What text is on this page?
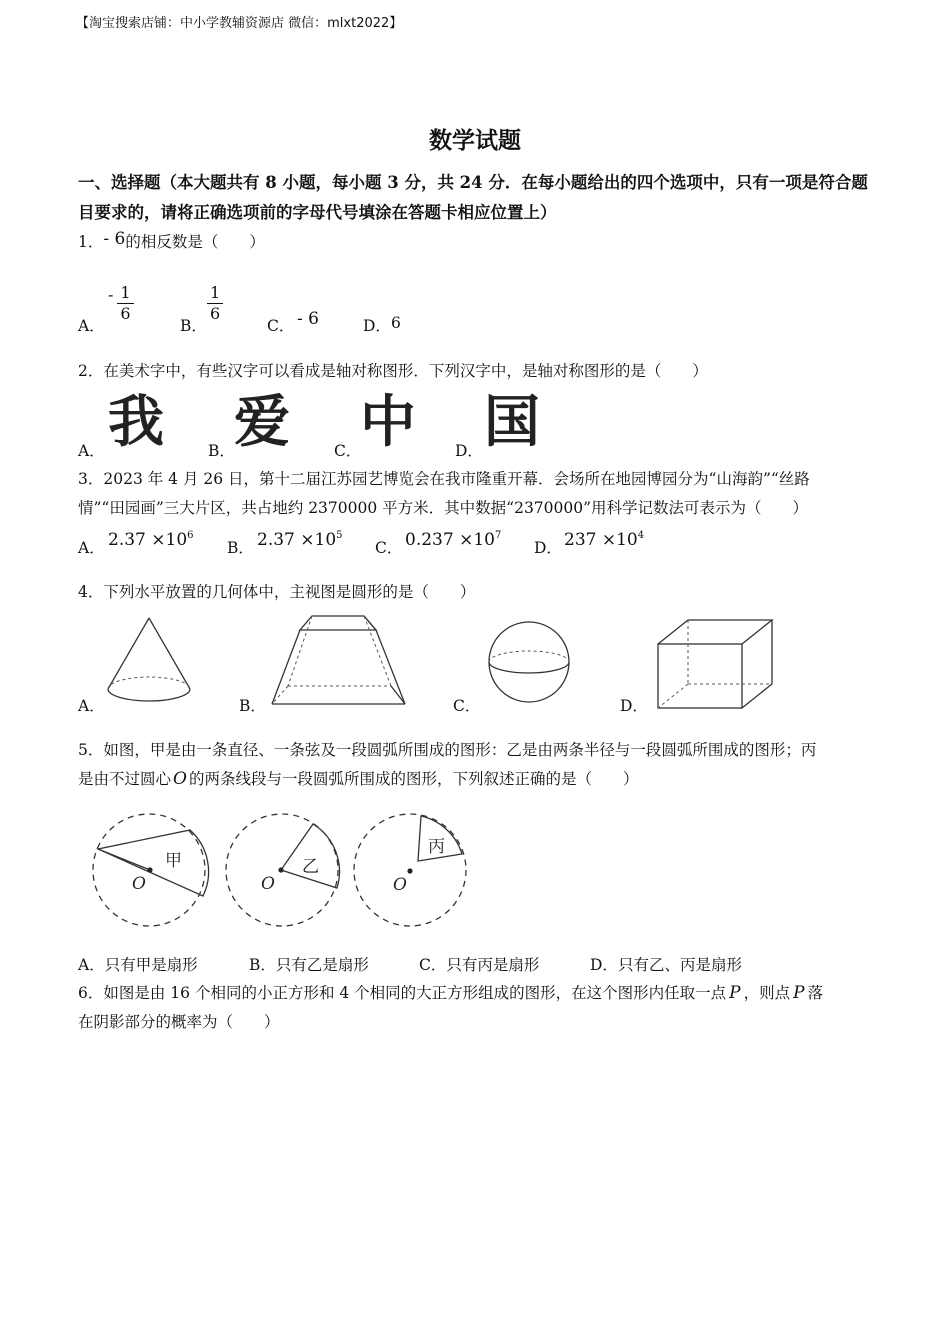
【淘宝搜索店铺：中小学教辅资源店 微信：mlxt2022】
数学试题
一、选择题（本大题共有 8 小题，每小题 3 分，共 24 分．在每小题给出的四个选项中，只有一项是符合题目要求的，请将正确选项前的字母代号填涂在答题卡相应位置上）
1．- 6的相反数是（　　）
A．
- $\frac{1}{6}$
B．
$\frac{1}{6}$
C． - 6	D． 6
2．在美术字中，有些汉字可以看成是轴对称图形．下列汉字中，是轴对称图形的是（　　）
A． 我	B． 爱	C．
中	D． 国
3．2023 年 4 月 26 日，第十二届江苏园艺博览会在我市隆重开幕．会场所在地园博园分为“山海韵”“丝路
情”“田园画”三大片区，共占地约 2370000 平方米．其中数据“2370000”用科学记数法可表示为（　　）
A． $2.37 \times 10^6$
B． $2.37 \times 10^5$
C． $0.237 \times 10^7$
D． $237 \times 10^4$
4．下列水平放置的几何体中，主视图是圆形的是（　　）
A．	B．	C．	D．
5．如图，甲是由一条直径、一条弦及一段圆弧所围成的图形：乙是由两条半径与一段圆弧所围成的图形；丙
是由不过圆心 O 的两条线段与一段圆弧所围成的图形，下列叙述正确的是（　　）
甲
O
乙
O
丙
O
A．只有甲是扇形	B．只有乙是扇形	C．只有丙是扇形	D．只有乙、丙是扇形
6．如图是由 16 个相同的小正方形和 4 个相同的大正方形组成的图形，在这个图形内任取一点 P ，则点 P 落
在阴影部分的概率为（　　）
